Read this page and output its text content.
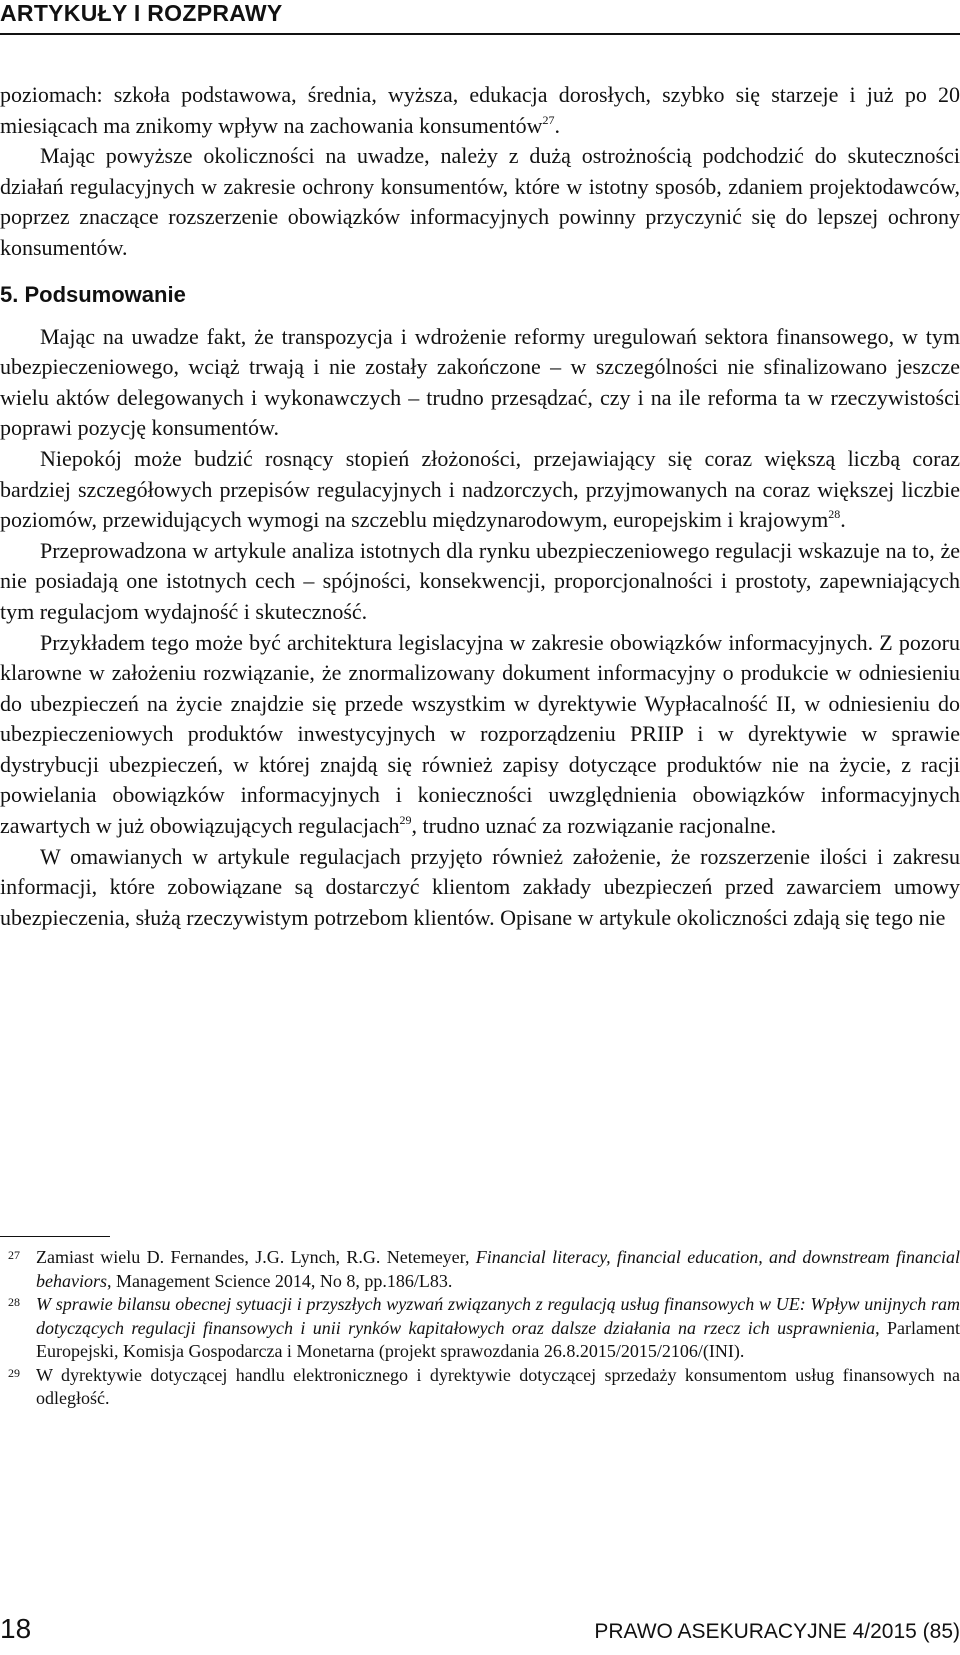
ARTYKUŁY I ROZPRAWY

poziomach: szkoła podstawowa, średnia, wyższa, edukacja dorosłych, szybko się starzeje i już po 20 miesiącach ma znikomy wpływ na zachowania konsumentów$^{27}$.

Mając powyższe okoliczności na uwadze, należy z dużą ostrożnością podchodzić do skuteczności działań regulacyjnych w zakresie ochrony konsumentów, które w istotny sposób, zdaniem projektodawców, poprzez znaczące rozszerzenie obowiązków informacyjnych powinny przyczynić się do lepszej ochrony konsumentów.

5. Podsumowanie

Mając na uwadze fakt, że transpozycja i wdrożenie reformy uregulowań sektora finansowego, w tym ubezpieczeniowego, wciąż trwają i nie zostały zakończone – w szczególności nie sfinalizowano jeszcze wielu aktów delegowanych i wykonawczych – trudno przesądzać, czy i na ile reforma ta w rzeczywistości poprawi pozycję konsumentów.

Niepokój może budzić rosnący stopień złożoności, przejawiający się coraz większą liczbą coraz bardziej szczegółowych przepisów regulacyjnych i nadzorczych, przyjmowanych na coraz większej liczbie poziomów, przewidujących wymogi na szczeblu międzynarodowym, europejskim i krajowym$^{28}$.

Przeprowadzona w artykule analiza istotnych dla rynku ubezpieczeniowego regulacji wskazuje na to, że nie posiadają one istotnych cech – spójności, konsekwencji, proporcjonalności i prostoty, zapewniających tym regulacjom wydajność i skuteczność.

Przykładem tego może być architektura legislacyjna w zakresie obowiązków informacyjnych. Z pozoru klarowne w założeniu rozwiązanie, że znormalizowany dokument informacyjny o produkcie w odniesieniu do ubezpieczeń na życie znajdzie się przede wszystkim w dyrektywie Wypłacalność II, w odniesieniu do ubezpieczeniowych produktów inwestycyjnych w rozporządzeniu PRIIP i w dyrektywie w sprawie dystrybucji ubezpieczeń, w której znajdą się również zapisy dotyczące produktów nie na życie, z racji powielania obowiązków informacyjnych i konieczności uwzględnienia obowiązków informacyjnych zawartych w już obowiązujących regulacjach$^{29}$, trudno uznać za rozwiązanie racjonalne.

W omawianych w artykule regulacjach przyjęto również założenie, że rozszerzenie ilości i zakresu informacji, które zobowiązane są dostarczyć klientom zakłady ubezpieczeń przed zawarciem umowy ubezpieczenia, służą rzeczywistym potrzebom klientów. Opisane w artykule okoliczności zdają się tego nie

27 Zamiast wielu D. Fernandes, J.G. Lynch, R.G. Netemeyer, Financial literacy, financial education, and downstream financial behaviors, Management Science 2014, No 8, pp.186/L83.

28 W sprawie bilansu obecnej sytuacji i przyszłych wyzwań związanych z regulacją usług finansowych w UE: Wpływ unijnych ram dotyczących regulacji finansowych i unii rynków kapitałowych oraz dalsze działania na rzecz ich usprawnienia, Parlament Europejski, Komisja Gospodarcza i Monetarna (projekt sprawozdania 26.8.2015/2015/2106/(INI).

29 W dyrektywie dotyczącej handlu elektronicznego i dyrektywie dotyczącej sprzedaży konsumentom usług finansowych na odległość.

18	PRAWO ASEKURACYJNE 4/2015 (85)
